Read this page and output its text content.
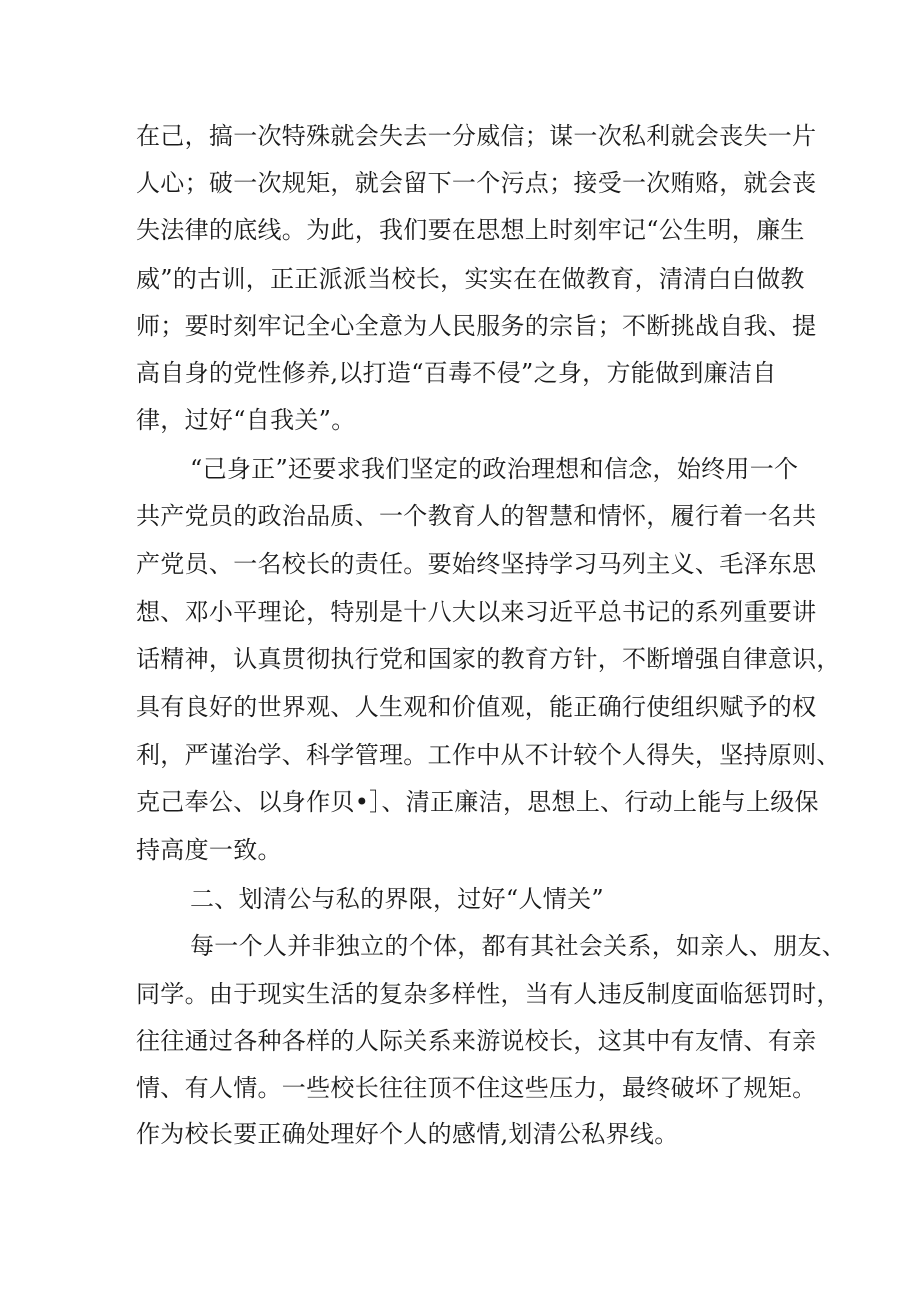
在己，搞一次特殊就会失去一分威信；谋一次私利就会丧失一片
人心；破一次规矩，就会留下一个污点；接受一次贿赂，就会丧
失法律的底线。为此，我们要在思想上时刻牢记“公生明，廉生
威”的古训，正正派派当校长，实实在在做教育，清清白白做教
师；要时刻牢记全心全意为人民服务的宗旨；不断挑战自我、提
高自身的党性修养,以打造“百毒不侵”之身，方能做到廉洁自
律，过好“自我关”。
“己身正”还要求我们坚定的政治理想和信念，始终用一个
共产党员的政治品质、一个教育人的智慧和情怀，履行着一名共
产党员、一名校长的责任。要始终坚持学习马列主义、毛泽东思
想、邓小平理论，特别是十八大以来习近平总书记的系列重要讲
话精神，认真贯彻执行党和国家的教育方针，不断增强自律意识，
具有良好的世界观、人生观和价值观，能正确行使组织赋予的权
利，严谨治学、科学管理。工作中从不计较个人得失，坚持原则、
克己奉公、以身作贝•］、清正廉洁，思想上、行动上能与上级保
持高度一致。
二、划清公与私的界限，过好“人情关”
每一个人并非独立的个体，都有其社会关系，如亲人、朋友、
同学。由于现实生活的复杂多样性，当有人违反制度面临惩罚时，
往往通过各种各样的人际关系来游说校长，这其中有友情、有亲
情、有人情。一些校长往往顶不住这些压力，最终破坏了规矩。
作为校长要正确处理好个人的感情,划清公私界线。
